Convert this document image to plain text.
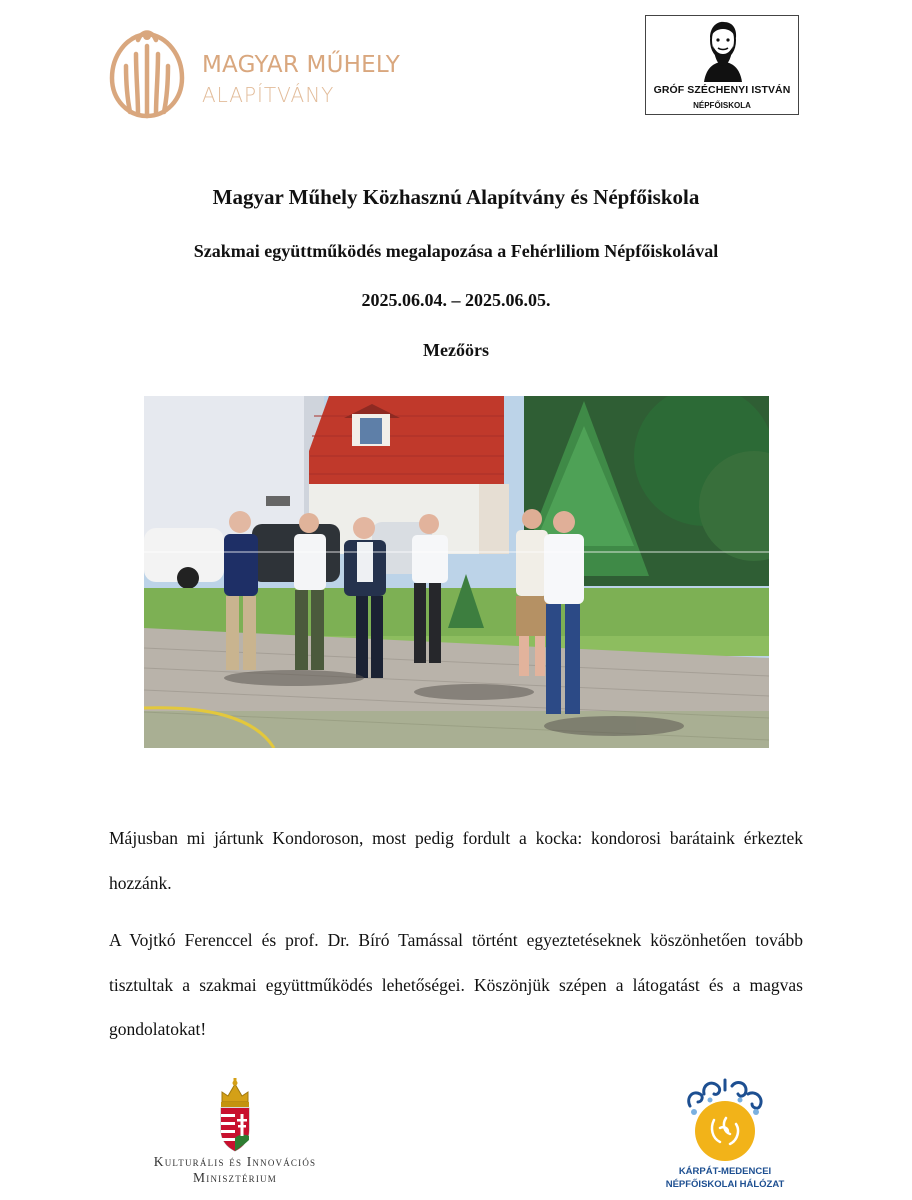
MAGYAR MŰHELY
ALAPÍTVÁNY	GRÓF SZÉCHENYI ISTVÁN
NÉPFŐISKOLA
Magyar Műhely Közhasznú Alapítvány és Népfőiskola
Szakmai együttműködés megalapozása a Fehérliliom Népfőiskolával
2025.06.04. – 2025.06.05.
Mezőörs

Májusban mi jártunk Kondoroson, most pedig fordult a kocka: kondorosi barátaink érkeztek hozzánk.

A Vojtkó Ferenccel és prof. Dr. Bíró Tamással történt egyeztetéseknek köszönhetően tovább tisztultak a szakmai együttműködés lehetőségei. Köszönjük szépen a látogatást és a magvas gondolatokat!

Kulturális és Innovációs
Minisztérium	KÁRPÁT-MEDENCEI
NÉPFŐISKOLAI HÁLÓZAT
